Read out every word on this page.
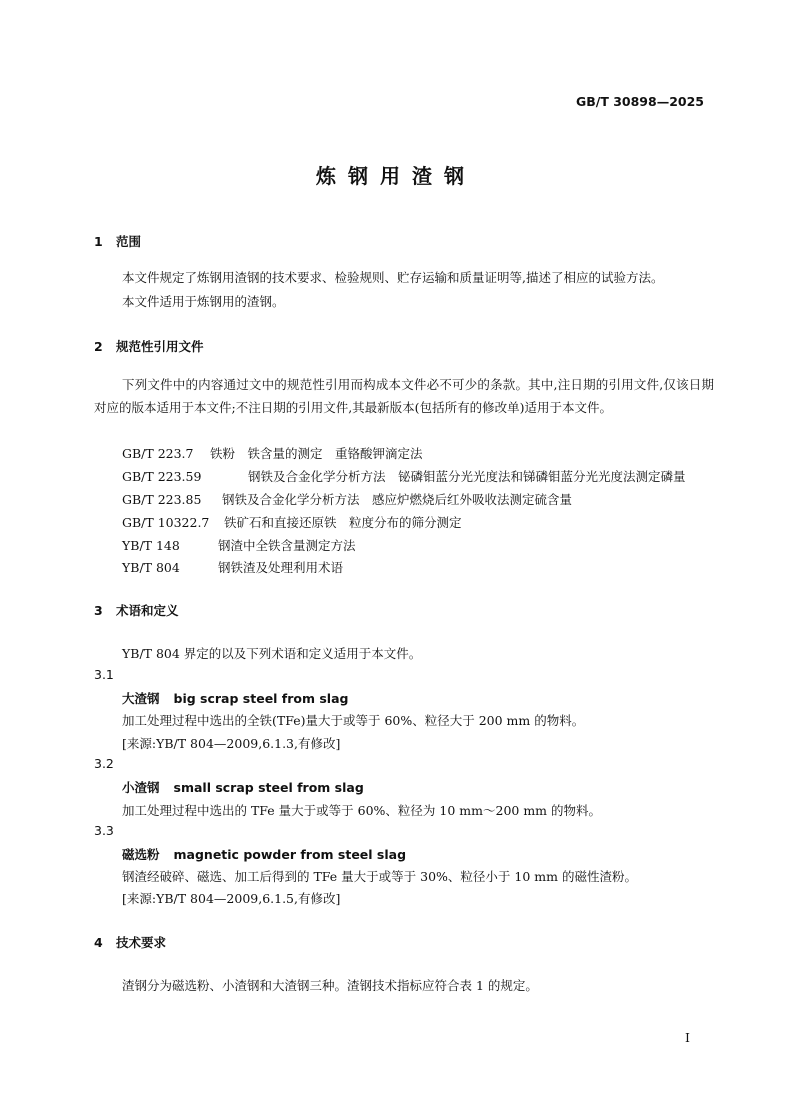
GB/T 30898—2025
炼钢用渣钢
1 范围
本文件规定了炼钢用渣钢的技术要求、检验规则、贮存运输和质量证明等,描述了相应的试验方法。
本文件适用于炼钢用的渣钢。
2 规范性引用文件
下列文件中的内容通过文中的规范性引用而构成本文件必不可少的条款。其中,注日期的引用文件,仅该日期对应的版本适用于本文件;不注日期的引用文件,其最新版本(包括所有的修改单)适用于本文件。
GB/T 223.7 铁粉　铁含量的测定　重铬酸钾滴定法
GB/T 223.59	钢铁及合金化学分析方法　铋磷钼蓝分光光度法和锑磷钼蓝分光光度法测定磷量
GB/T 223.85 钢铁及合金化学分析方法　感应炉燃烧后红外吸收法测定硫含量
GB/T 10322.7 铁矿石和直接还原铁　粒度分布的筛分测定
YB/T 148	钢渣中全铁含量测定方法
YB/T 804	钢铁渣及处理利用术语
3 术语和定义
YB/T 804 界定的以及下列术语和定义适用于本文件。
3.1
大渣钢 big scrap steel from slag
加工处理过程中选出的全铁(TFe)量大于或等于 60%、粒径大于 200 mm 的物料。
[来源:YB/T 804—2009,6.1.3,有修改]
3.2
小渣钢 small scrap steel from slag
加工处理过程中选出的 TFe 量大于或等于 60%、粒径为 10 mm～200 mm 的物料。
3.3
磁选粉 magnetic powder from steel slag
钢渣经破碎、磁选、加工后得到的 TFe 量大于或等于 30%、粒径小于 10 mm 的磁性渣粉。
[来源:YB/T 804—2009,6.1.5,有修改]
4 技术要求
渣钢分为磁选粉、小渣钢和大渣钢三种。渣钢技术指标应符合表 1 的规定。
I
